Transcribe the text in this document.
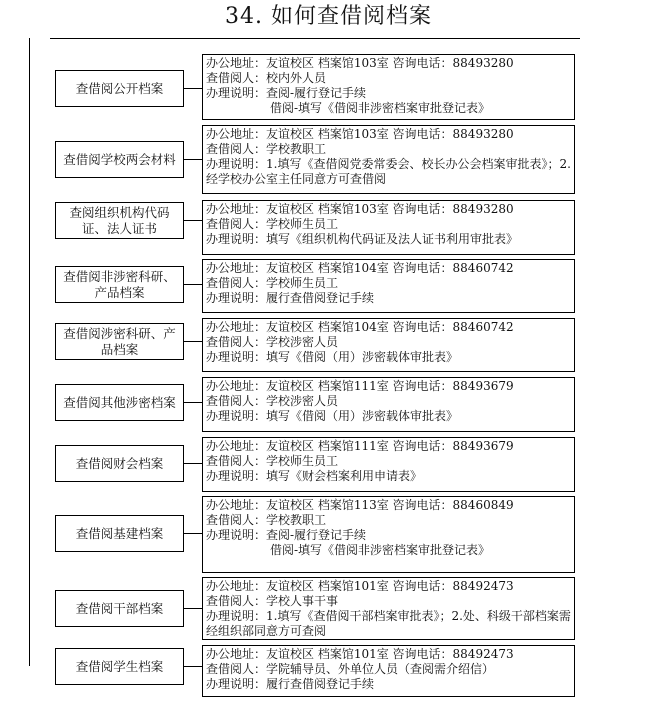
34. 如何查借阅档案
查借阅公开档案
办公地址：友谊校区 档案馆103室 咨询电话：88493280
查借阅人：校内外人员
办理说明：查阅-履行登记手续
借阅-填写《借阅非涉密档案审批登记表》
查借阅学校两会材料
办公地址：友谊校区 档案馆103室 咨询电话：88493280
查借阅人：学校教职工
办理说明：1.填写《查借阅党委常委会、校长办公会档案审批表》；2.经学校办公室主任同意方可查借阅
查阅组织机构代码证、法人证书
办公地址：友谊校区 档案馆103室 咨询电话：88493280
查借阅人：学校师生员工
办理说明：填写《组织机构代码证及法人证书利用审批表》
查借阅非涉密科研、产品档案
办公地址：友谊校区 档案馆104室 咨询电话：88460742
查借阅人：学校师生员工
办理说明：履行查借阅登记手续
查借阅涉密科研、产品档案
办公地址：友谊校区 档案馆104室 咨询电话：88460742
查借阅人：学校涉密人员
办理说明：填写《借阅（用）涉密载体审批表》
查借阅其他涉密档案
办公地址：友谊校区 档案馆111室 咨询电话：88493679
查借阅人：学校涉密人员
办理说明：填写《借阅（用）涉密载体审批表》
查借阅财会档案
办公地址：友谊校区 档案馆111室 咨询电话：88493679
查借阅人：学校师生员工
办理说明：填写《财会档案利用申请表》
查借阅基建档案
办公地址：友谊校区 档案馆113室 咨询电话：88460849
查借阅人：学校教职工
办理说明：查阅-履行登记手续
借阅-填写《借阅非涉密档案审批登记表》
查借阅干部档案
办公地址：友谊校区 档案馆101室 咨询电话：88492473
查借阅人：学校人事干事
办理说明：1.填写《查借阅干部档案审批表》；2.处、科级干部档案需经组织部同意方可查阅
查借阅学生档案
办公地址：友谊校区 档案馆101室 咨询电话：88492473
查借阅人：学院辅导员、外单位人员（查阅需介绍信）
办理说明：履行查借阅登记手续
